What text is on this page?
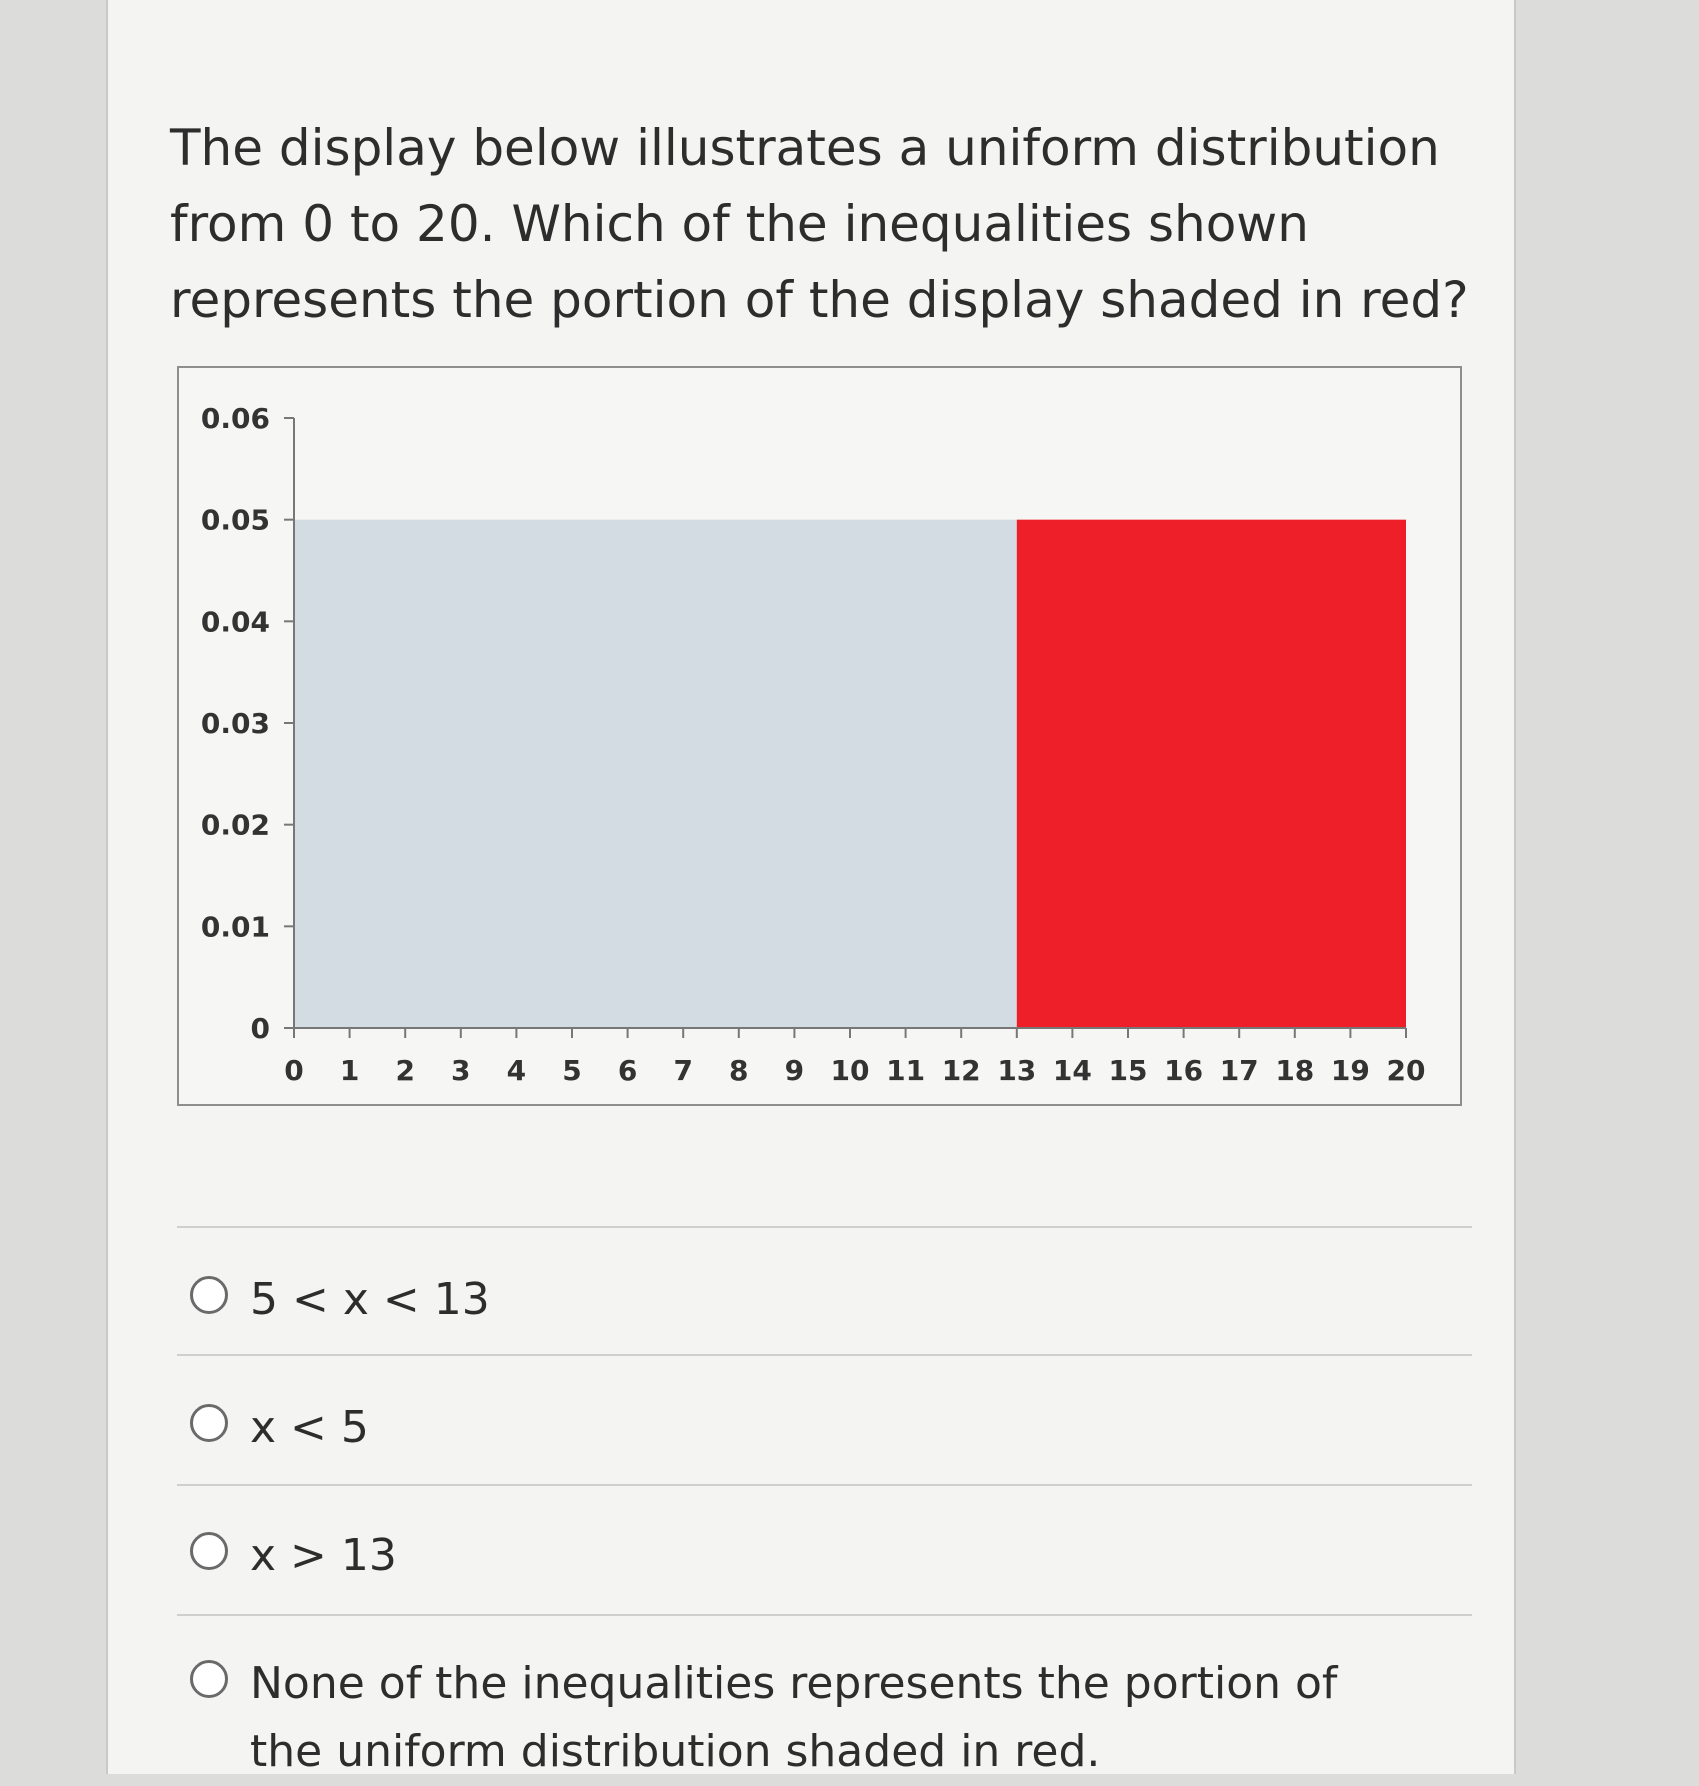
The display below illustrates a uniform distribution from 0 to 20. Which of the inequalities shown represents the portion of the display shaded in red?

0
0.01
0.02
0.03
0.04
0.05
0.06
0 1 2 3 4 5 6 7 8 9 10 11 12 13 14 15 16 17 18 19 20
5 < x < 13
x < 5
x > 13
None of the inequalities represents the portion of the uniform distribution shaded in red.
